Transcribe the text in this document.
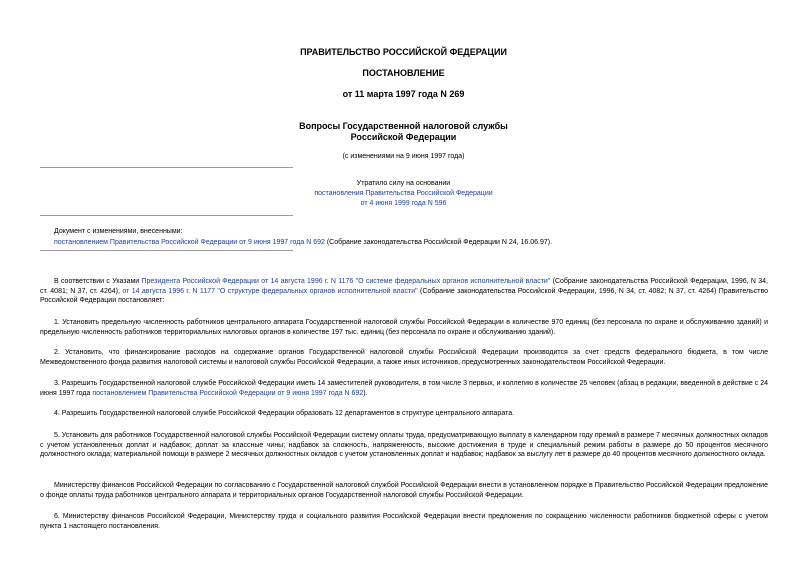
ПРАВИТЕЛЬСТВО РОССИЙСКОЙ ФЕДЕРАЦИИ
ПОСТАНОВЛЕНИЕ
от 11 марта 1997 года N 269
Вопросы Государственной налоговой службы
Российской Федерации
(с изменениями на 9 июня 1997 года)
Утратило силу на основании
постановления Правительства Российской Федерации
от 4 июня 1999 года N 596
Документ с изменениями, внесенными:
постановлением Правительства Российской Федерации от 9 июня 1997 года N 692 (Собрание законодательства Российской Федерации N 24, 16.06.97).
В соответствии с Указами Президента Российской Федерации от 14 августа 1996 г. N 1176 "О системе федеральных органов исполнительной власти" (Собрание законодательства Российской Федерации, 1996, N 34, ст. 4081; N 37, ст. 4264), от 14 августа 1996 г. N 1177 "О структуре федеральных органов исполнительной власти" (Собрание законодательства Российской Федерации, 1996, N 34, ст. 4082; N 37, ст. 4264) Правительство Российской Федерации постановляет:
1. Установить предельную численность работников центрального аппарата Государственной налоговой службы Российской Федерации в количестве 970 единиц (без персонала по охране и обслуживанию зданий) и предельную численность работников территориальных налоговых органов в количестве 197 тыс. единиц (без персонала по охране и обслуживанию зданий).
2. Установить, что финансирование расходов на содержание органов Государственной налоговой службы Российской Федерации производится за счет средств федерального бюджета, в том числе Межведомственного фонда развития налоговой системы и налоговой службы Российской Федерации, а также иных источников, предусмотренных законодательством Российской Федерации.
3. Разрешить Государственной налоговой службе Российской Федерации иметь 14 заместителей руководителя, в том числе 3 первых, и коллегию в количестве 25 человек (абзац в редакции, введенной в действие с 24 июня 1997 года постановлением Правительства Российской Федерации от 9 июня 1997 года N 692).
4. Разрешить Государственной налоговой службе Российской Федерации образовать 12 департаментов в структуре центрального аппарата.
5. Установить для работников Государственной налоговой службы Российской Федерации систему оплаты труда, предусматривающую выплату в календарном году премий в размере 7 месячных должностных окладов с учетом установленных доплат и надбавок; доплат за классные чины; надбавок за сложность, напряженность, высокие достижения в труде и специальный режим работы в размере до 50 процентов месячного должностного оклада; материальной помощи в размере 2 месячных должностных окладов с учетом установленных доплат и надбавок; надбавок за выслугу лет в размере до 40 процентов месячного должностного оклада.
Министерству финансов Российской Федерации по согласованию с Государственной налоговой службой Российской Федерации внести в установленном порядке в Правительство Российской Федерации предложение о фонде оплаты труда работников центрального аппарата и территориальных органов Государственной налоговой службы Российской Федерации.
6. Министерству финансов Российской Федерации, Министерству труда и социального развития Российской Федерации внести предложения по сокращению численности работников бюджетной сферы с учетом пункта 1 настоящего постановления.
